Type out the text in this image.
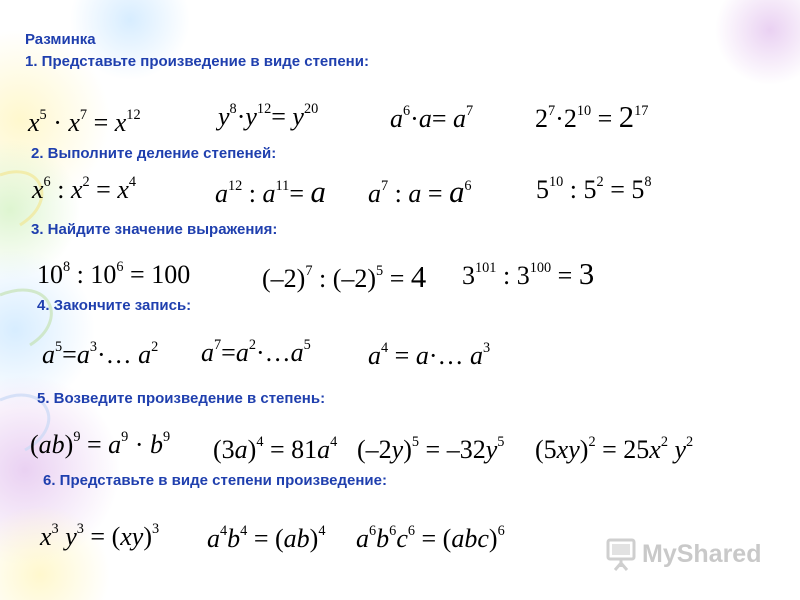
Разминка
1. Представьте произведение в виде степени:
$x^5 \cdot x^7 = x^{12}$	$y^8\cdot y^{12}= y^{20}$	$a^6\cdot a= a^7$ $2^7\cdot 2^{10} = 2^{17}$
2. Выполните деление степеней:
$x^6$ : $x^2 = x^4$	$a^{12}$ : $a^{11}= a$ $a^7$ : $a = a^6$ $5^{10}$ : $5^2 = 5^8$
3. Найдите значение выражения:
$10^8$ : $10^6 = 100$	$(-2)^7$ : $(-2)^5 = 4$ $3^{101}$ : $3^{100} = 3$
4. Закончите запись:
$a^5=a^3\cdot\dots$ $a^2$ $a^7=a^2\cdot\dots a^5$ $a^4$ = a·… $a^3$
5. Возведите произведение в степень:
$(ab)^9 = a^9 \cdot b^9$ $(3a)^4 = 81a^4$ $(-2y)^5 = -32y^5$ $(5xy)^2 = 25x^2$ $y^2$
6. Представьте в виде степени произведение:
$x^3$ $y^3 = (xy)^3$ $a^4b^4 = (ab)^4$ $a^6b^6c^6 = (abc)^6$
MyShared
